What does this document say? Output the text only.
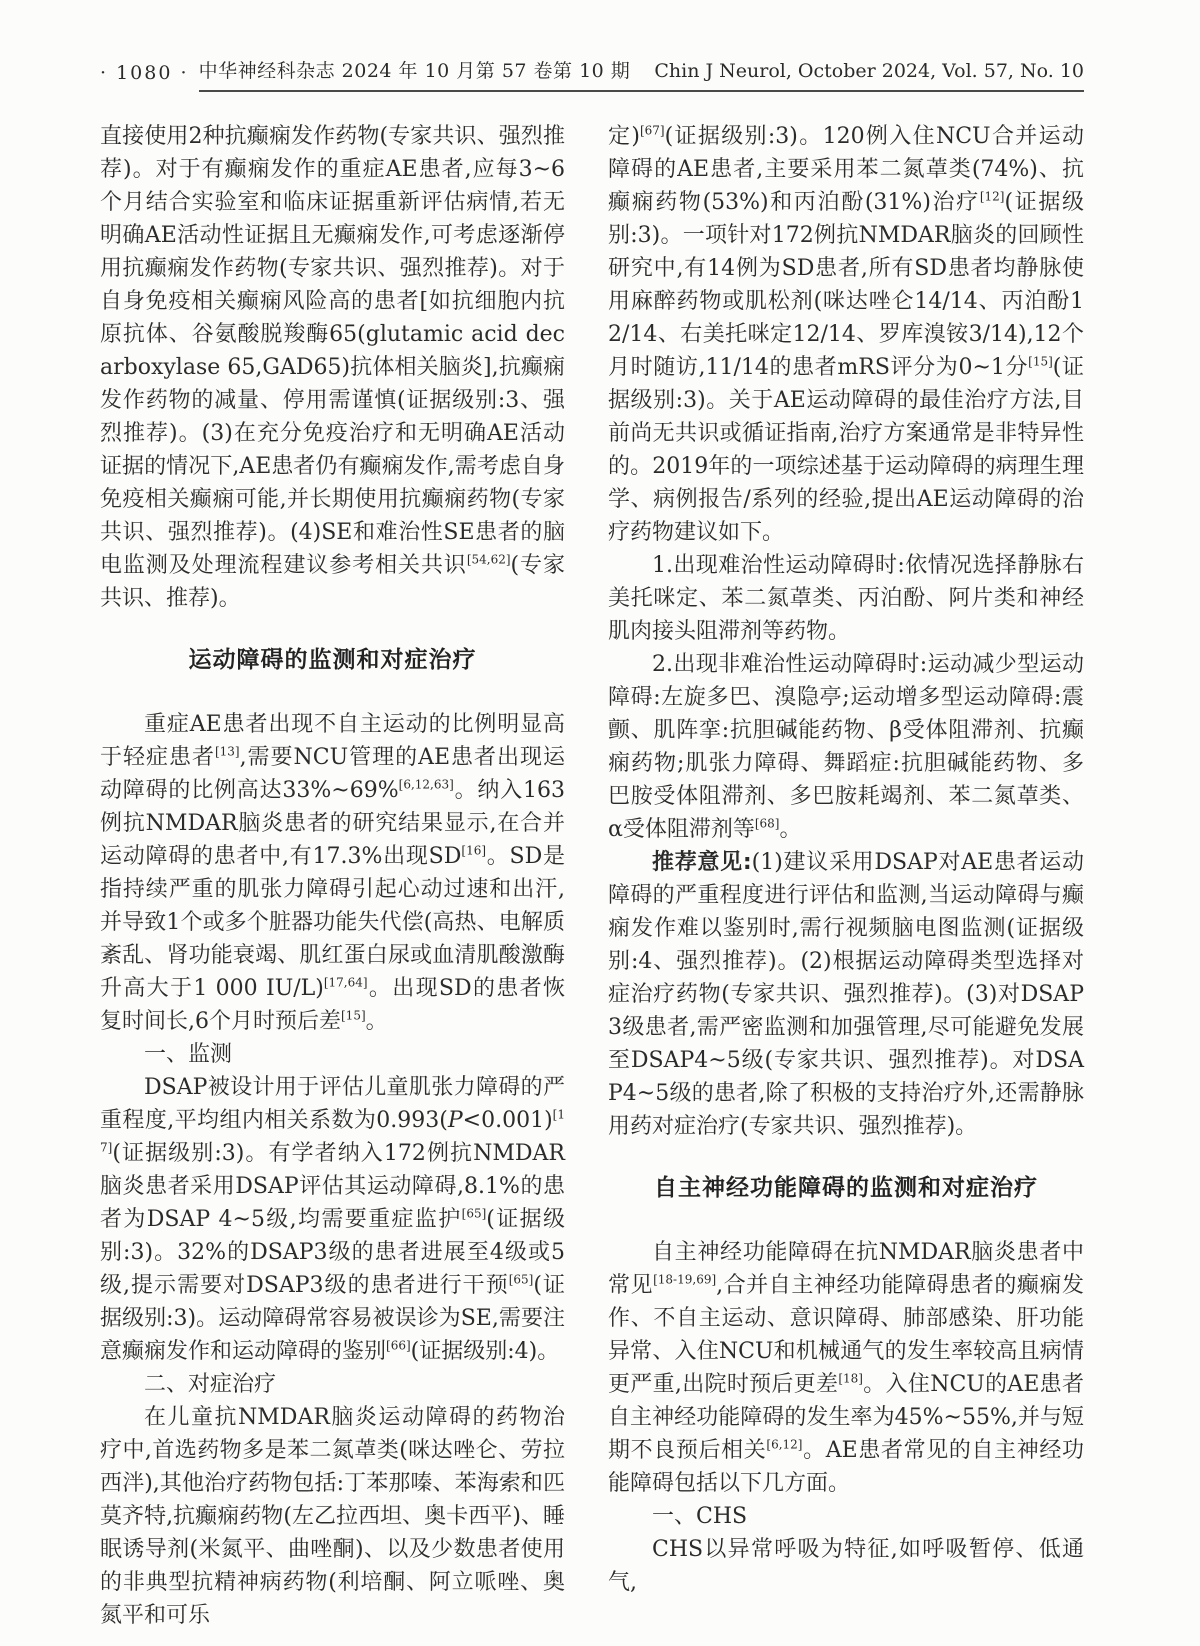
· 1080 · 中华神经科杂志 2024 年 10 月第 57 卷第 10 期 Chin J Neurol, October 2024, Vol. 57, No. 10

直接使用2种抗癫痫发作药物(专家共识、强烈推荐)。对于有癫痫发作的重症AE患者,应每3~6个月结合实验室和临床证据重新评估病情,若无明确AE活动性证据且无癫痫发作,可考虑逐渐停用抗癫痫发作药物(专家共识、强烈推荐)。对于自身免疫相关癫痫风险高的患者[如抗细胞内抗原抗体、谷氨酸脱羧酶65(glutamic acid decarboxylase 65,GAD65)抗体相关脑炎],抗癫痫发作药物的减量、停用需谨慎(证据级别:3、强烈推荐)。(3)在充分免疫治疗和无明确AE活动证据的情况下,AE患者仍有癫痫发作,需考虑自身免疫相关癫痫可能,并长期使用抗癫痫药物(专家共识、强烈推荐)。(4)SE和难治性SE患者的脑电监测及处理流程建议参考相关共识[54,62](专家共识、推荐)。

运动障碍的监测和对症治疗

重症AE患者出现不自主运动的比例明显高于轻症患者[13],需要NCU管理的AE患者出现运动障碍的比例高达33%~69%[6,12,63]。纳入163例抗NMDAR脑炎患者的研究结果显示,在合并运动障碍的患者中,有17.3%出现SD[16]。SD是指持续严重的肌张力障碍引起心动过速和出汗,并导致1个或多个脏器功能失代偿(高热、电解质紊乱、肾功能衰竭、肌红蛋白尿或血清肌酸激酶升高大于1 000 IU/L)[17,64]。出现SD的患者恢复时间长,6个月时预后差[15]。

一、监测

DSAP被设计用于评估儿童肌张力障碍的严重程度,平均组内相关系数为0.993(P<0.001)[17](证据级别:3)。有学者纳入172例抗NMDAR脑炎患者采用DSAP评估其运动障碍,8.1%的患者为DSAP 4~5级,均需要重症监护[65](证据级别:3)。32%的DSAP3级的患者进展至4级或5级,提示需要对DSAP3级的患者进行干预[65](证据级别:3)。运动障碍常容易被误诊为SE,需要注意癫痫发作和运动障碍的鉴别[66](证据级别:4)。

二、对症治疗

在儿童抗NMDAR脑炎运动障碍的药物治疗中,首选药物多是苯二氮䓬类(咪达唑仑、劳拉西泮),其他治疗药物包括:丁苯那嗪、苯海索和匹莫齐特,抗癫痫药物(左乙拉西坦、奥卡西平)、睡眠诱导剂(米氮平、曲唑酮)、以及少数患者使用的非典型抗精神病药物(利培酮、阿立哌唑、奥氮平和可乐

定)[67](证据级别:3)。120例入住NCU合并运动障碍的AE患者,主要采用苯二氮䓬类(74%)、抗癫痫药物(53%)和丙泊酚(31%)治疗[12](证据级别:3)。一项针对172例抗NMDAR脑炎的回顾性研究中,有14例为SD患者,所有SD患者均静脉使用麻醉药物或肌松剂(咪达唑仑14/14、丙泊酚12/14、右美托咪定12/14、罗库溴铵3/14),12个月时随访,11/14的患者mRS评分为0~1分[15](证据级别:3)。关于AE运动障碍的最佳治疗方法,目前尚无共识或循证指南,治疗方案通常是非特异性的。2019年的一项综述基于运动障碍的病理生理学、病例报告/系列的经验,提出AE运动障碍的治疗药物建议如下。

1.出现难治性运动障碍时:依情况选择静脉右美托咪定、苯二氮䓬类、丙泊酚、阿片类和神经肌肉接头阻滞剂等药物。

2.出现非难治性运动障碍时:运动减少型运动障碍:左旋多巴、溴隐亭;运动增多型运动障碍:震颤、肌阵挛:抗胆碱能药物、β受体阻滞剂、抗癫痫药物;肌张力障碍、舞蹈症:抗胆碱能药物、多巴胺受体阻滞剂、多巴胺耗竭剂、苯二氮䓬类、α受体阻滞剂等[68]。

推荐意见:(1)建议采用DSAP对AE患者运动障碍的严重程度进行评估和监测,当运动障碍与癫痫发作难以鉴别时,需行视频脑电图监测(证据级别:4、强烈推荐)。(2)根据运动障碍类型选择对症治疗药物(专家共识、强烈推荐)。(3)对DSAP3级患者,需严密监测和加强管理,尽可能避免发展至DSAP4~5级(专家共识、强烈推荐)。对DSAP4~5级的患者,除了积极的支持治疗外,还需静脉用药对症治疗(专家共识、强烈推荐)。

自主神经功能障碍的监测和对症治疗

自主神经功能障碍在抗NMDAR脑炎患者中常见[18-19,69],合并自主神经功能障碍患者的癫痫发作、不自主运动、意识障碍、肺部感染、肝功能异常、入住NCU和机械通气的发生率较高且病情更严重,出院时预后更差[18]。入住NCU的AE患者自主神经功能障碍的发生率为45%~55%,并与短期不良预后相关[6,12]。AE患者常见的自主神经功能障碍包括以下几方面。

一、CHS

CHS以异常呼吸为特征,如呼吸暂停、低通气,
